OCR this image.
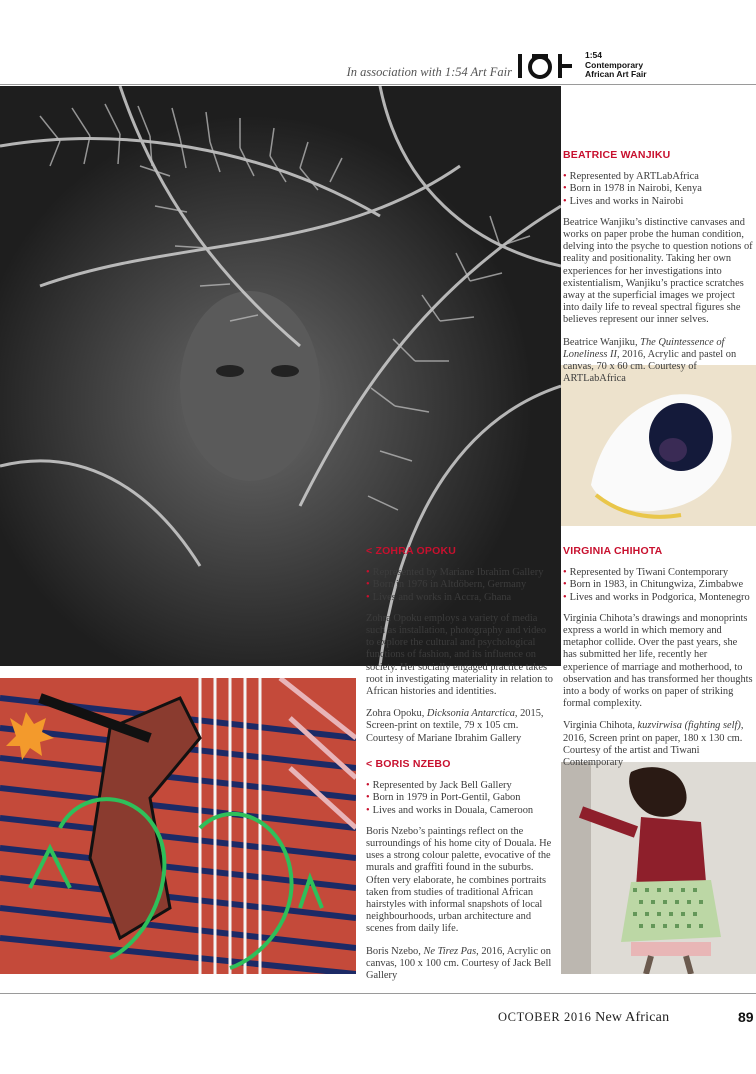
In association with 1:54 Art Fair
1:54
Contemporary
African Art Fair
BEATRICE WANJIKU
• Represented by ARTLabAfrica
• Born in 1978 in Nairobi, Kenya
• Lives and works in Nairobi

Beatrice Wanjiku’s distinctive canvases and works on paper probe the human condition, delving into the psyche to question notions of reality and positionality. Taking her own experiences for her investigations into existentialism, Wanjiku’s practice scratches away at the superficial images we project into daily life to reveal spectral figures she believes represent our inner selves.

Beatrice Wanjiku, The Quintessence of Loneliness II, 2016, Acrylic and pastel on canvas, 70 x 60 cm. Courtesy of ARTLabAfrica

< ZOHRA OPOKU
• Represented by Mariane Ibrahim Gallery
• Born in 1976 in Altdöbern, Germany
• Lives and works in Accra, Ghana

Zohra Opoku employs a variety of media such as installation, photography and video to explore the cultural and psychological functions of fashion, and its influence on society. Her socially engaged practice takes root in investigating materiality in relation to African histories and identities.

Zohra Opoku, Dicksonia Antarctica, 2015, Screen-print on textile, 79 x 105 cm. Courtesy of Mariane Ibrahim Gallery

< BORIS NZEBO
• Represented by Jack Bell Gallery
• Born in 1979 in Port-Gentil, Gabon
• Lives and works in Douala, Cameroon

Boris Nzebo’s paintings reflect on the surroundings of his home city of Douala. He uses a strong colour palette, evocative of the murals and graffiti found in the suburbs. Often very elaborate, he combines portraits taken from studies of traditional African hairstyles with informal snapshots of local neighbourhoods, urban architecture and scenes from daily life.

Boris Nzebo, Ne Tirez Pas, 2016, Acrylic on canvas, 100 x 100 cm. Courtesy of Jack Bell Gallery

VIRGINIA CHIHOTA
• Represented by Tiwani Contemporary
• Born in 1983, in Chitungwiza, Zimbabwe
• Lives and works in Podgorica, Montenegro

Virginia Chihota’s drawings and monoprints express a world in which memory and metaphor collide. Over the past years, she has submitted her life, recently her experience of marriage and motherhood, to observation and has transformed her thoughts into a body of works on paper of striking formal complexity.

Virginia Chihota, kuzvirwisa (fighting self), 2016, Screen print on paper, 180 x 130 cm. Courtesy of the artist and Tiwani Contemporary

OCTOBER 2016 New African	89
